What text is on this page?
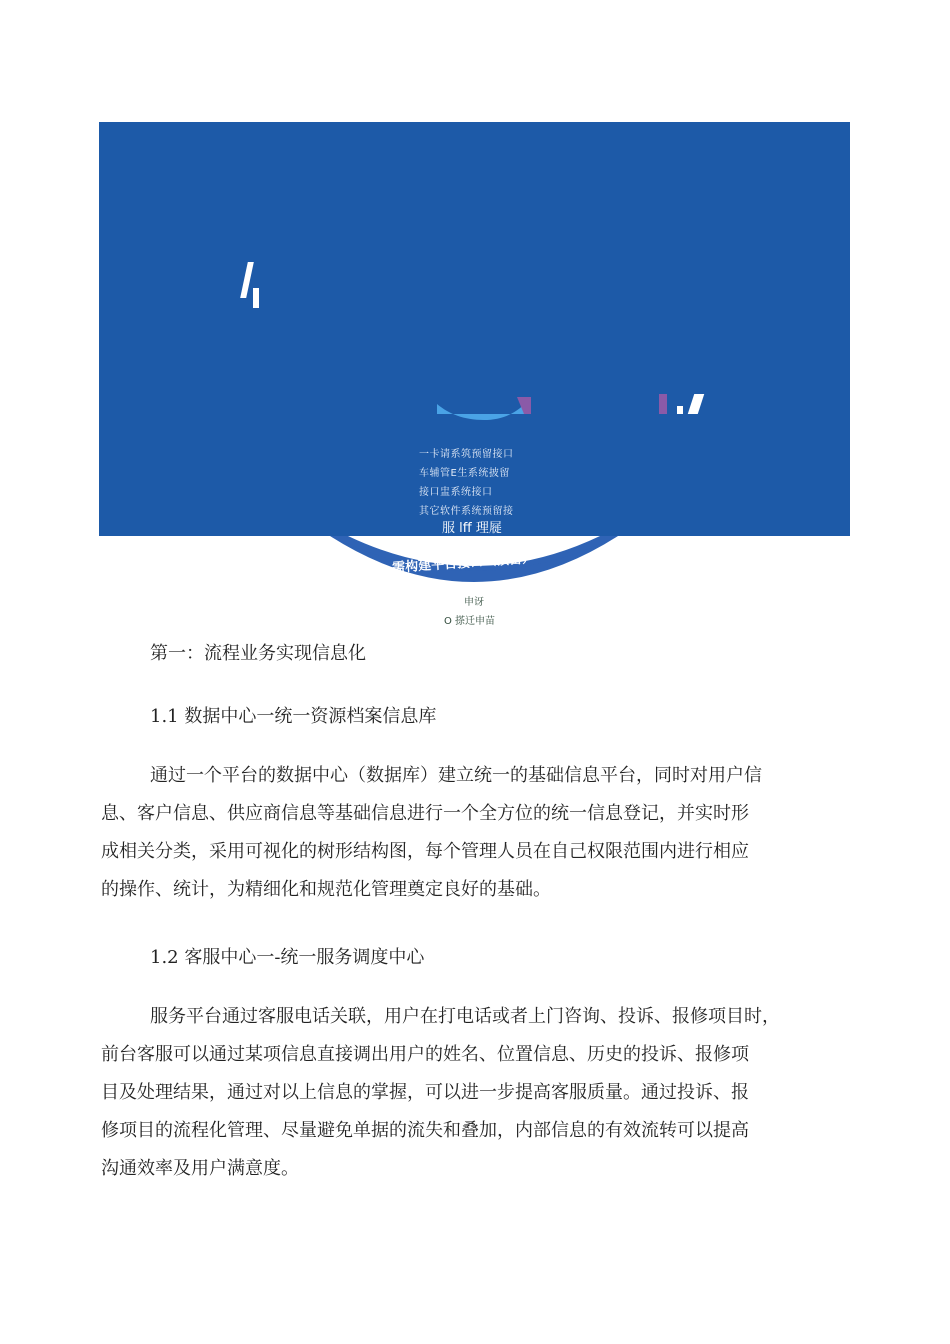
一卡请系筑预留接口
车辅管E生系统披留
接口盅系统接口
其它软件系统预留接
服 lff 理屣
需构建平台接口（预留）
申讶
O 搽迁申苗
第一：流程业务实现信息化
1.1 数据中心一统一资源档案信息库
通过一个平台的数据中心（数据库）建立统一的基础信息平台，同时对用户信
息、客户信息、供应商信息等基础信息进行一个全方位的统一信息登记，并实时形
成相关分类，采用可视化的树形结构图，每个管理人员在自己权限范围内进行相应
的操作、统计，为精细化和规范化管理奠定良好的基础。
1.2 客服中心一-统一服务调度中心
服务平台通过客服电话关联，用户在打电话或者上门咨询、投诉、报修项目时，
前台客服可以通过某项信息直接调出用户的姓名、位置信息、历史的投诉、报修项
目及处理结果，通过对以上信息的掌握，可以进一步提高客服质量。通过投诉、报
修项目的流程化管理、尽量避免单据的流失和叠加，内部信息的有效流转可以提高
沟通效率及用户满意度。
